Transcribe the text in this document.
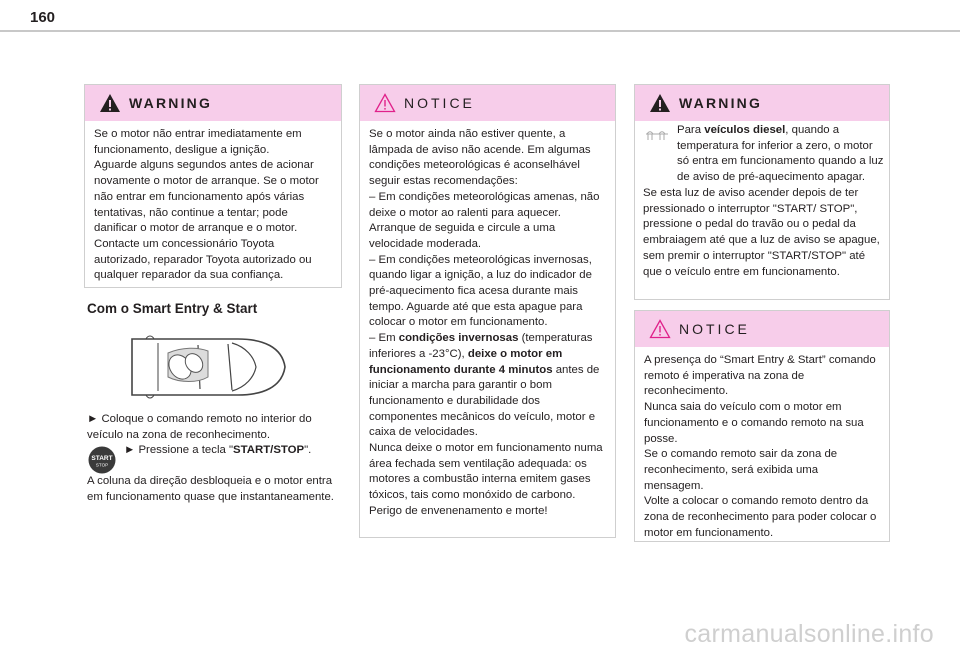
160
WARNING
Se o motor não entrar imediatamente em funcionamento, desligue a ignição.
Aguarde alguns segundos antes de acionar novamente o motor de arranque. Se o motor não entrar em funcionamento após várias tentativas, não continue a tentar; pode danificar o motor de arranque e o motor.
Contacte um concessionário Toyota autorizado, reparador Toyota autorizado ou qualquer reparador da sua confiança.
Com o Smart Entry & Start
► Coloque o comando remoto no interior do veículo na zona de reconhecimento.
START
STOP
► Pressione a tecla "START/STOP".
A coluna da direção desbloqueia e o motor entra em funcionamento quase que instantaneamente.
NOTICE
Se o motor ainda não estiver quente, a lâmpada de aviso não acende. Em algumas condições meteorológicas é aconselhável seguir estas recomendações:
– Em condições meteorológicas amenas, não deixe o motor ao ralenti para aquecer. Arranque de seguida e circule a uma velocidade moderada.
– Em condições meteorológicas invernosas, quando ligar a ignição, a luz do indicador de pré-aquecimento fica acesa durante mais tempo. Aguarde até que esta apague para colocar o motor em funcionamento.
– Em condições invernosas (temperaturas inferiores a -23°C), deixe o motor em funcionamento durante 4 minutos antes de iniciar a marcha para garantir o bom funcionamento e durabilidade dos componentes mecânicos do veículo, motor e caixa de velocidades.
Nunca deixe o motor em funcionamento numa área fechada sem ventilação adequada: os motores a combustão interna emitem gases tóxicos, tais como monóxido de carbono. Perigo de envenenamento e morte!
WARNING
Para veículos diesel, quando a temperatura for inferior a zero, o motor só entra em funcionamento quando a luz de aviso de pré-aquecimento apagar.
Se esta luz de aviso acender depois de ter pressionado o interruptor "START/ STOP", pressione o pedal do travão ou o pedal da embraiagem até que a luz de aviso se apague, sem premir o interruptor "START/STOP" até que o veículo entre em funcionamento.
NOTICE
A presença do “Smart Entry & Start” comando remoto é imperativa na zona de reconhecimento.
Nunca saia do veículo com o motor em funcionamento e o comando remoto na sua posse.
Se o comando remoto sair da zona de reconhecimento, será exibida uma mensagem.
Volte a colocar o comando remoto dentro da zona de reconhecimento para poder colocar o motor em funcionamento.
carmanualsonline.info
